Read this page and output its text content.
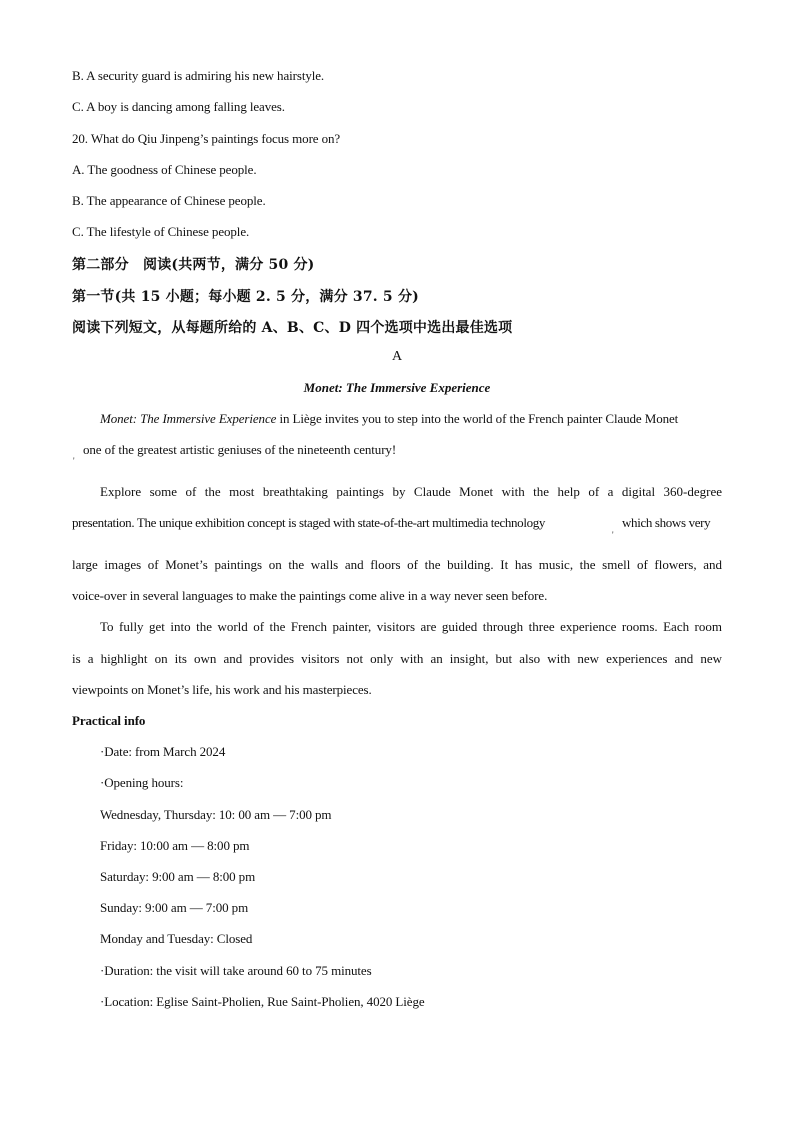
B. A security guard is admiring his new hairstyle.
C. A boy is dancing among falling leaves.
20. What do Qiu Jinpeng’s paintings focus more on?
A. The goodness of Chinese people.
B. The appearance of Chinese people.
C. The lifestyle of Chinese people.
第二部分　阅读(共两节，满分 50 分)
第一节(共 15 小题；每小题 2. 5 分，满分 37. 5 分)
阅读下列短文，从每题所给的 A、B、C、D 四个选项中选出最佳选项
A
Monet: The Immersive Experience
Monet: The Immersive Experience in Liège invites you to step into the world of the French painter Claude Monet
one of the greatest artistic geniuses of the nineteenth century!
'
Explore some of the most breathtaking paintings by Claude Monet with the help of a digital 360-degree
presentation. The unique exhibition concept is staged with state-of-the-art multimedia technology
'
which shows very
large images of Monet’s paintings on the walls and floors of the building. It has music, the smell of flowers, and
voice-over in several languages to make the paintings come alive in a way never seen before.
To fully get into the world of the French painter, visitors are guided through three experience rooms. Each room
is a highlight on its own and provides visitors not only with an insight, but also with new experiences and new
viewpoints on Monet’s life, his work and his masterpieces.
Practical info
·Date: from March 2024
·Opening hours:
Wednesday, Thursday: 10: 00 am — 7:00 pm
Friday: 10:00 am — 8:00 pm
Saturday: 9:00 am — 8:00 pm
Sunday: 9:00 am — 7:00 pm
Monday and Tuesday: Closed
·Duration: the visit will take around 60 to 75 minutes
·Location: Eglise Saint-Pholien, Rue Saint-Pholien, 4020 Liège
